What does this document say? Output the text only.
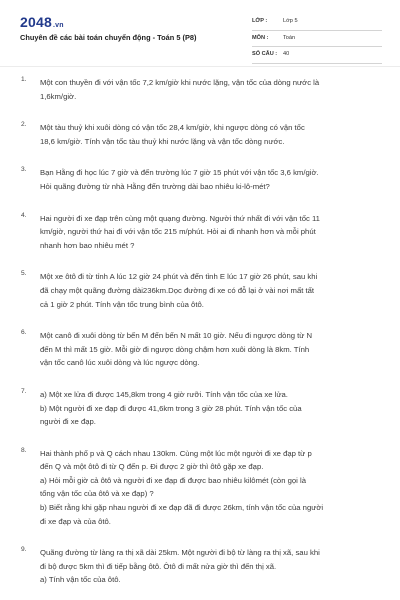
2048.vn
Chuyên đề các bài toán chuyển động - Toán 5 (P8)
LỚP :	Lớp 5
MÔN :	Toán
SỐ CÂU : 40
1. Một con thuyền đi với vận tốc 7,2 km/giờ khi nước lặng, vận tốc của dòng nước là
1,6km/giờ.
2. Một tàu thuỷ khi xuôi dòng có vận tốc 28,4 km/giờ, khi ngược dòng có vận tốc
18,6 km/giờ. Tính vận tốc tàu thuỷ khi nước lặng và vận tốc dòng nước.
3. Bạn Hằng đi học lúc 7 giờ và đến trường lúc 7 giờ 15 phút với vận tốc 3,6 km/giờ.
Hỏi quãng đường từ nhà Hằng đến trường dài bao nhiêu ki-lô-mét?
4. Hai người đi xe đạp trên cùng một quạng đường. Người thứ nhất đi với vận tốc 11
km/giờ, người thứ hai đi với vận tốc 215 m/phút. Hỏi ai đi nhanh hơn và mỗi phút
nhanh hơn bao nhiêu mét ?
5. Một xe ôtô đi từ tỉnh A lúc 12 giờ 24 phút và đến tỉnh E lúc 17 giờ 26 phút, sau khi
đã chạy một quãng đường dài236km.Dọc đường đi xe có đỗ lại ở vài nơi mất tất
cả 1 giờ 2 phút. Tính vận tốc trung bình của ôtô.
6. Một canô đi xuôi dòng từ bến M đến bến N mất 10 giờ. Nếu đi ngược dòng từ N
đến M thì mất 15 giờ. Mỗi giờ đi ngược dòng chậm hơn xuôi dòng là 8km. Tính
vận tốc canô lúc xuôi dòng và lúc ngược dòng.
7. a) Một xe lửa đi được 145,8km trong 4 giờ rưỡi. Tính vận tốc của xe lửa.
b) Một người đi xe đạp đi được 41,6km trong 3 giờ 28 phút. Tính vận tốc của
người đi xe đạp.
8. Hai thành phố p và Q cách nhau 130km. Cùng một lúc một người đi xe đạp từ p
đến Q và một ôtô đi từ Q đến p. Đi được 2 giờ thì ôtô gặp xe đạp.
a) Hỏi mỗi giờ cả ôtô và người đi xe đạp đi được bao nhiêu kilômét (còn gọi là
tổng vận tốc của ôtô và xe đạp) ?
b) Biết rằng khi gặp nhau người đi xe đạp đã đi được 26km, tính vận tốc của người
đi xe đạp và của ôtô.
9. Quãng đường từ làng ra thị xã dài 25km. Một người đi bộ từ làng ra thị xã, sau khi
đi bộ được 5km thì đi tiếp bằng ôtô. Ôtô đi mất nửa giờ thì đến thị xã.
a) Tính vận tốc của ôtô.
